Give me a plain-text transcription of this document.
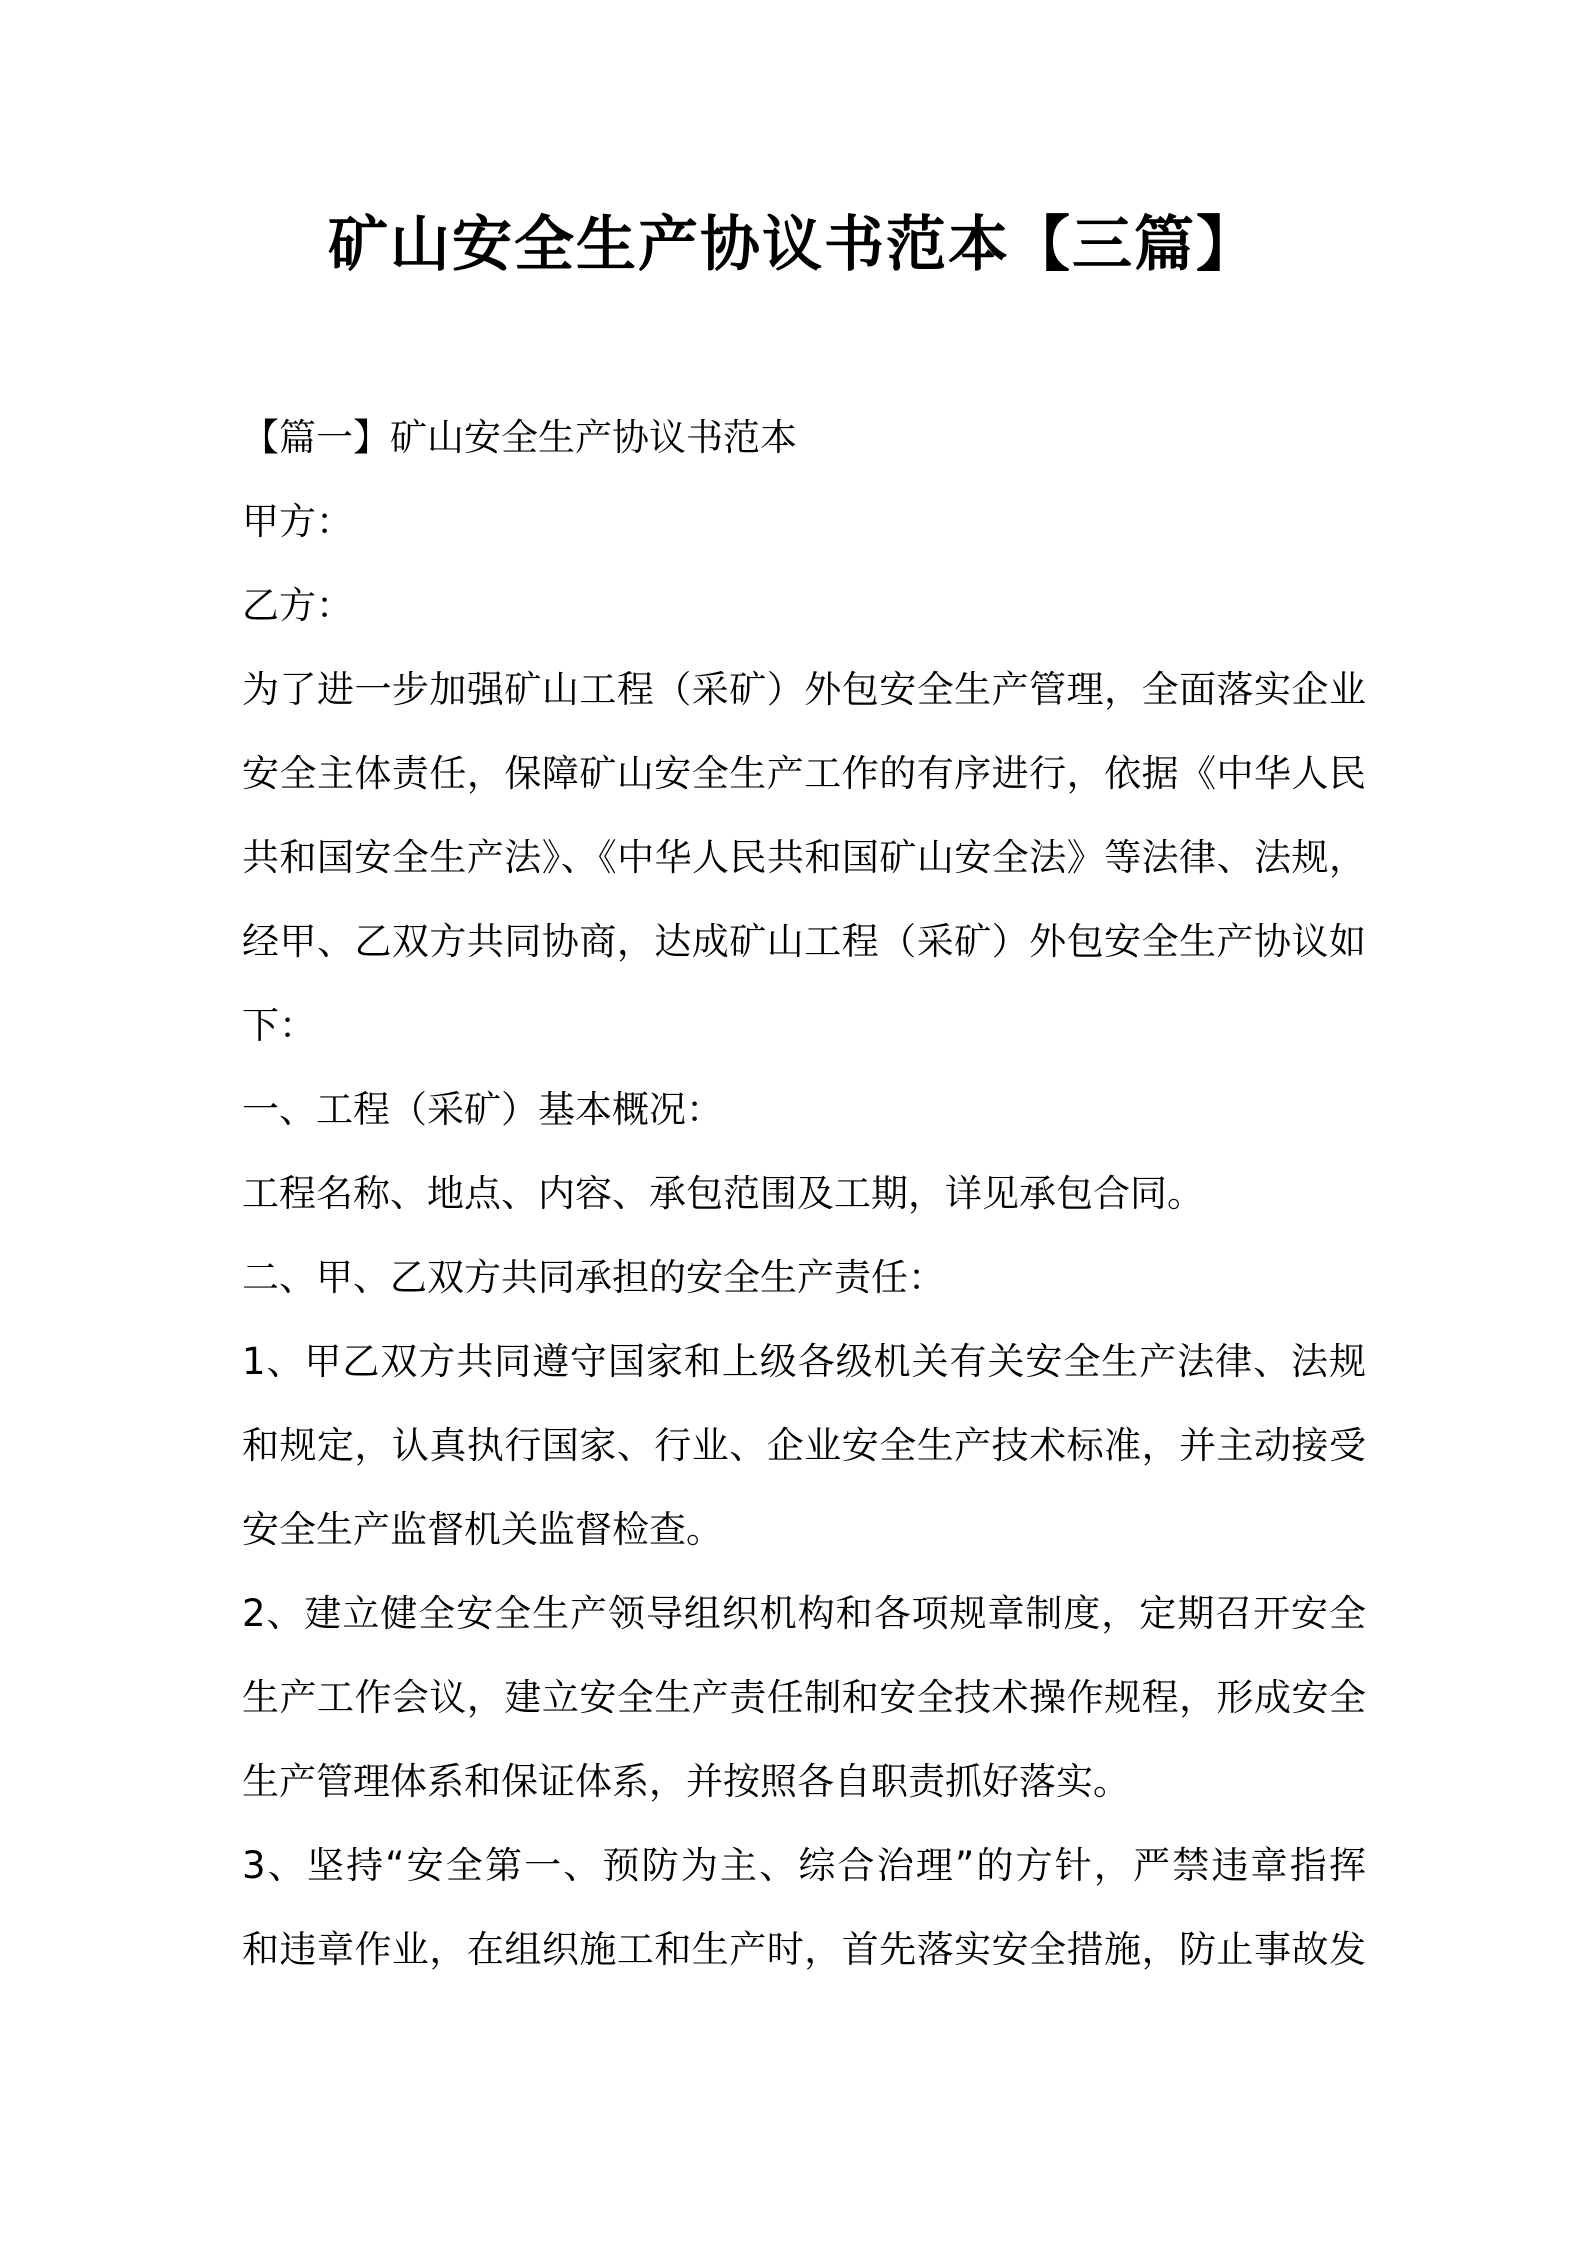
矿山安全生产协议书范本【三篇】
【篇一】矿山安全生产协议书范本
甲方：
乙方：
为了进一步加强矿山工程（采矿）外包安全生产管理，全面落实企业
安全主体责任，保障矿山安全生产工作的有序进行，依据《中华人民
共和国安全生产法》、《中华人民共和国矿山安全法》等法律、法规，
经甲、乙双方共同协商，达成矿山工程（采矿）外包安全生产协议如
下：
一、工程（采矿）基本概况：
工程名称、地点、内容、承包范围及工期，详见承包合同。
二、甲、乙双方共同承担的安全生产责任：
1、甲乙双方共同遵守国家和上级各级机关有关安全生产法律、法规
和规定，认真执行国家、行业、企业安全生产技术标准，并主动接受
安全生产监督机关监督检查。
2、建立健全安全生产领导组织机构和各项规章制度，定期召开安全
生产工作会议，建立安全生产责任制和安全技术操作规程，形成安全
生产管理体系和保证体系，并按照各自职责抓好落实。
3、坚持“安全第一、预防为主、综合治理”的方针，严禁违章指挥
和违章作业，在组织施工和生产时，首先落实安全措施，防止事故发
